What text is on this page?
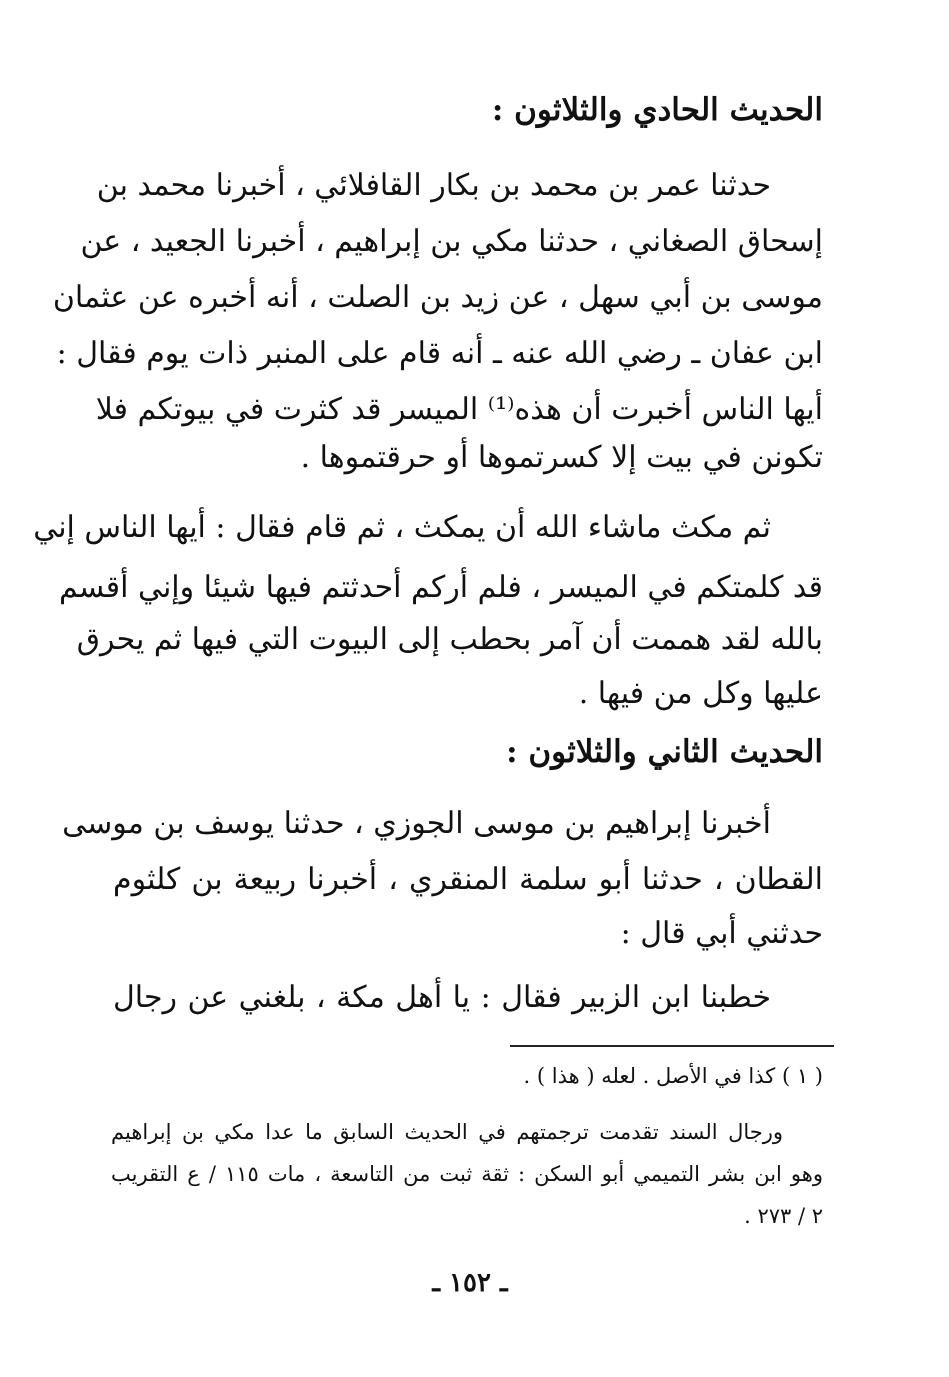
الحديث الحادي والثلاثون :
حدثنا عمر بن محمد بن بكار القافلائي ، أخبرنا محمد بن
إسحاق الصغاني ، حدثنا مكي بن إبراهيم ، أخبرنا الجعيد ، عن
موسى بن أبي سهل ، عن زيد بن الصلت ، أنه أخبره عن عثمان
ابن عفان ـ رضي الله عنه ـ أنه قام على المنبر ذات يوم فقال :
أيها الناس أخبرت أن هذه⁽¹⁾ الميسر قد كثرت في بيوتكم فلا
تكونن في بيت إلا كسرتموها أو حرقتموها .
ثم مكث ماشاء الله أن يمكث ، ثم قام فقال : أيها الناس إني
قد كلمتكم في الميسر ، فلم أركم أحدثتم فيها شيئا وإني أقسم
بالله لقد هممت أن آمر بحطب إلى البيوت التي فيها ثم يحرق
عليها وكل من فيها .
الحديث الثاني والثلاثون :
أخبرنا إبراهيم بن موسى الجوزي ، حدثنا يوسف بن موسى
القطان ، حدثنا أبو سلمة المنقري ، أخبرنا ربيعة بن كلثوم
حدثني أبي قال :
خطبنا ابن الزبير فقال : يا أهل مكة ، بلغني عن رجال
( ١ ) كذا في الأصل . لعله ( هذا ) .
ورجال السند تقدمت ترجمتهم في الحديث السابق ما عدا مكي بن إبراهيم
وهو ابن بشر التميمي أبو السكن : ثقة ثبت من التاسعة ، مات ١١٥ / ع التقريب
٢ / ٢٧٣ .
ـ ١٥٢ ـ
